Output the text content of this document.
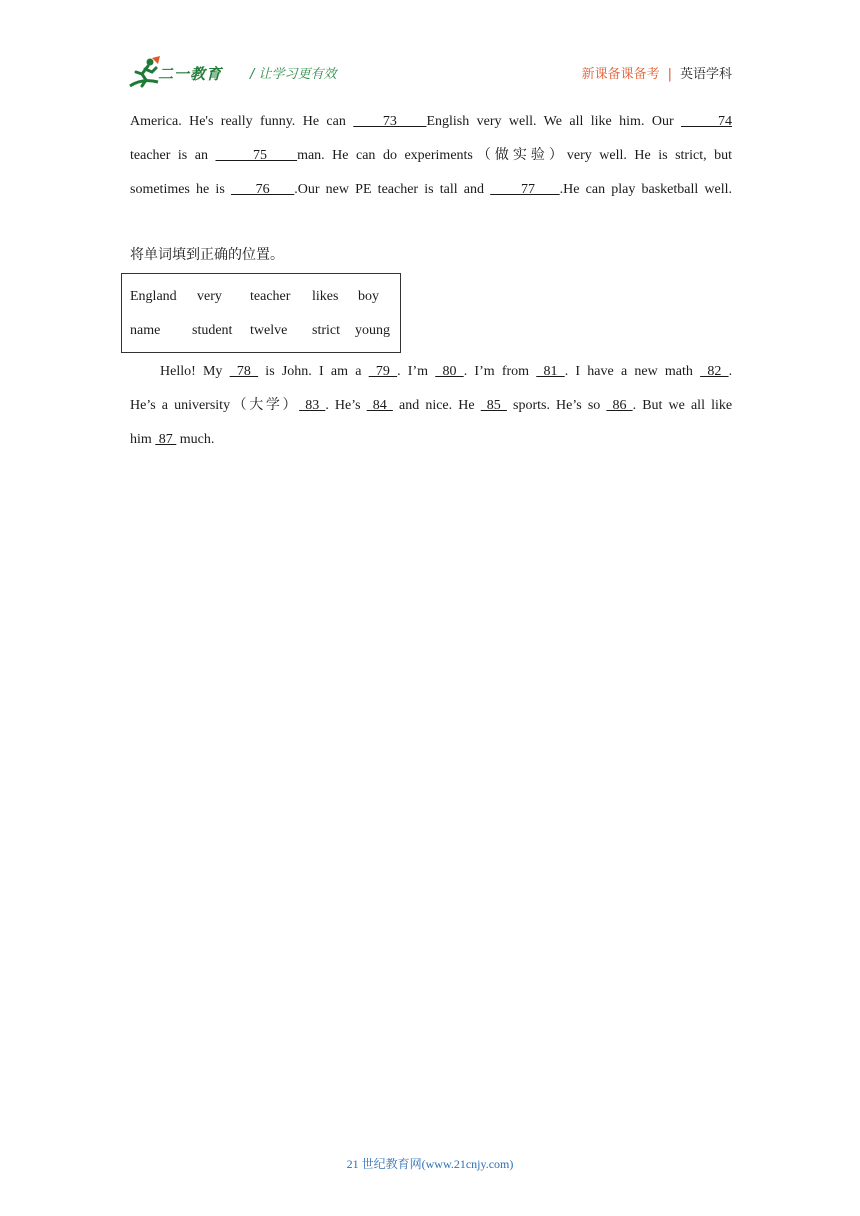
二一教育 / 让学习更有效	新课备课备考 | 英语学科
America. He's really funny. He can     73    English very well. We all like him. Our      74
teacher is an      75    man. He can do experiments（做实验）very well. He is strict, but
sometimes he is     76    .Our new PE teacher is tall and      77    .He can play basketball well.
将单词填到正确的位置。
England very teacher likes boy
name student twelve strict young
Hello! My  78  is John. I am a  79 . I’m  80 . I’m from  81 . I have a new math  82 .
He’s a university（大学） 83 . He’s  84  and nice. He  85  sports. He’s so  86 . But we all like
him  87  much.
21 世纪教育网(www.21cnjy.com)
